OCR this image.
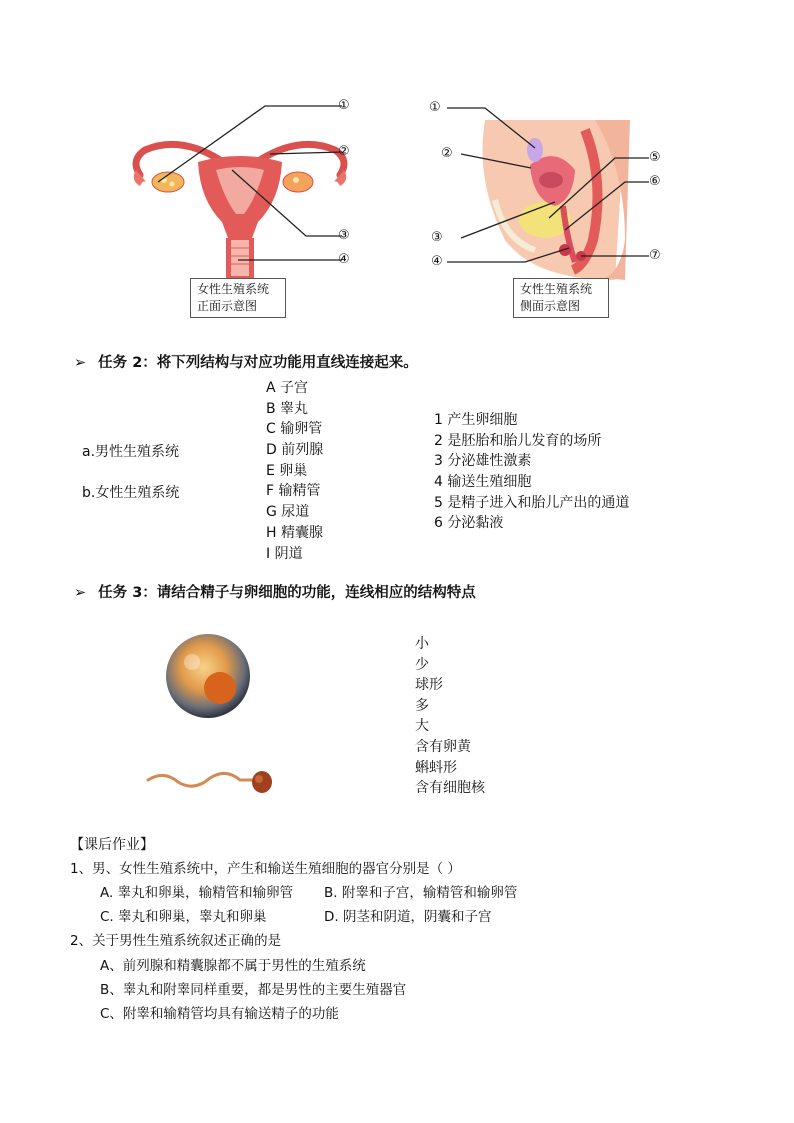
①
②
③
④
女性生殖系统
正面示意图
①
②
③
④
⑤
⑥
⑦
女性生殖系统
侧面示意图
➢ 任务 2：将下列结构与对应功能用直线连接起来。
a.男性生殖系统
b.女性生殖系统
A 子宫
B 睾丸
C 输卵管
D 前列腺
E 卵巢
F 输精管
G 尿道
H 精囊腺
I 阴道
1 产生卵细胞
2 是胚胎和胎儿发育的场所
3 分泌雄性激素
4 输送生殖细胞
5 是精子进入和胎儿产出的通道
6 分泌黏液
➢ 任务 3：请结合精子与卵细胞的功能，连线相应的结构特点
小
少
球形
多
大
含有卵黄
蝌蚪形
含有细胞核
【课后作业】
1、男、女性生殖系统中，产生和输送生殖细胞的器官分别是（ ）
A. 睾丸和卵巢，输精管和输卵管 B. 附睾和子宫，输精管和输卵管
C. 睾丸和卵巢，睾丸和卵巢	D. 阴茎和阴道，阴囊和子宫
2、关于男性生殖系统叙述正确的是
A、前列腺和精囊腺都不属于男性的生殖系统
B、睾丸和附睾同样重要，都是男性的主要生殖器官
C、附睾和输精管均具有输送精子的功能
